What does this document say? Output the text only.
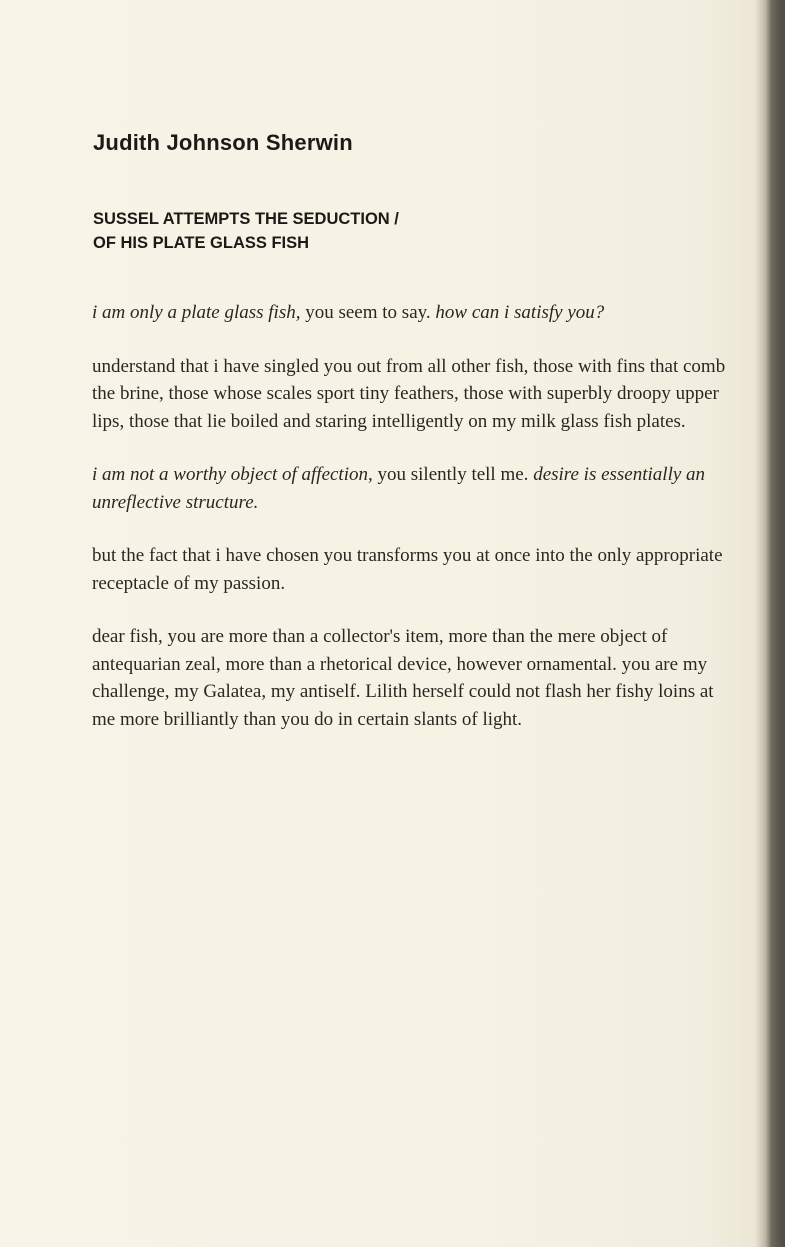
Judith Johnson Sherwin
SUSSEL ATTEMPTS THE SEDUCTION /
OF HIS PLATE GLASS FISH

i am only a plate glass fish, you seem to say. how can i satisfy you?

understand that i have singled you out from all other fish, those with fins that comb the brine, those whose scales sport tiny feathers, those with superbly droopy upper lips, those that lie boiled and staring intelligently on my milk glass fish plates.

i am not a worthy object of affection, you silently tell me. desire is essentially an unreflective structure.

but the fact that i have chosen you transforms you at once into the only appropriate receptacle of my passion.

dear fish, you are more than a collector's item, more than the mere object of antequarian zeal, more than a rhetorical device, however ornamental. you are my challenge, my Galatea, my antiself. Lilith herself could not flash her fishy loins at me more brilliantly than you do in certain slants of light.
